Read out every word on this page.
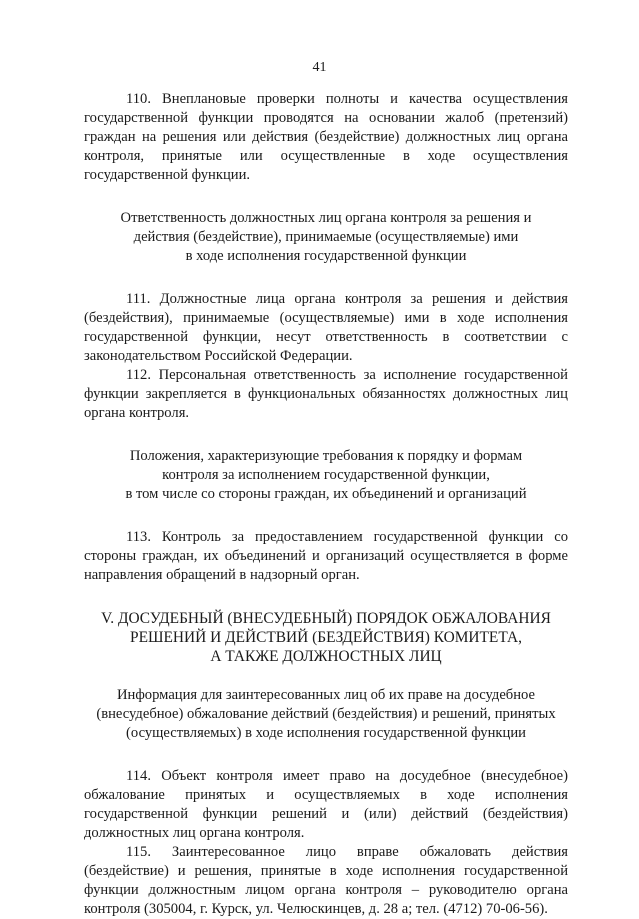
41

110. Внеплановые проверки полноты и качества осуществления государственной функции проводятся на основании жалоб (претензий) граждан на решения или действия (бездействие) должностных лиц органа контроля, принятые или осуществленные в ходе осуществления государственной функции.

Ответственность должностных лиц органа контроля за решения и
действия (бездействие), принимаемые (осуществляемые) ими
в ходе исполнения государственной функции

111. Должностные лица органа контроля за решения и действия (бездействия), принимаемые (осуществляемые) ими в ходе исполнения государственной функции, несут ответственность в соответствии с законодательством Российской Федерации.

112. Персональная ответственность за исполнение государственной функции закрепляется в функциональных обязанностях должностных лиц органа контроля.

Положения, характеризующие требования к порядку и формам
контроля за исполнением государственной функции,
в том числе со стороны граждан, их объединений и организаций

113. Контроль за предоставлением государственной функции со стороны граждан, их объединений и организаций осуществляется в форме направления обращений в надзорный орган.

V. ДОСУДЕБНЫЙ (ВНЕСУДЕБНЫЙ) ПОРЯДОК ОБЖАЛОВАНИЯ
РЕШЕНИЙ И ДЕЙСТВИЙ (БЕЗДЕЙСТВИЯ) КОМИТЕТА,
А ТАКЖЕ ДОЛЖНОСТНЫХ ЛИЦ
Информация для заинтересованных лиц об их праве на досудебное
(внесудебное) обжалование действий (бездействия) и решений, принятых
(осуществляемых) в ходе исполнения государственной функции

114. Объект контроля имеет право на досудебное (внесудебное) обжалование принятых и осуществляемых в ходе исполнения государственной функции решений и (или) действий (бездействия) должностных лиц органа контроля.

115. Заинтересованное лицо вправе обжаловать действия (бездействие) и решения, принятые в ходе исполнения государственной функции должностным лицом органа контроля – руководителю органа контроля (305004, г. Курск, ул. Челюскинцев, д. 28 а; тел. (4712) 70-06-56).
